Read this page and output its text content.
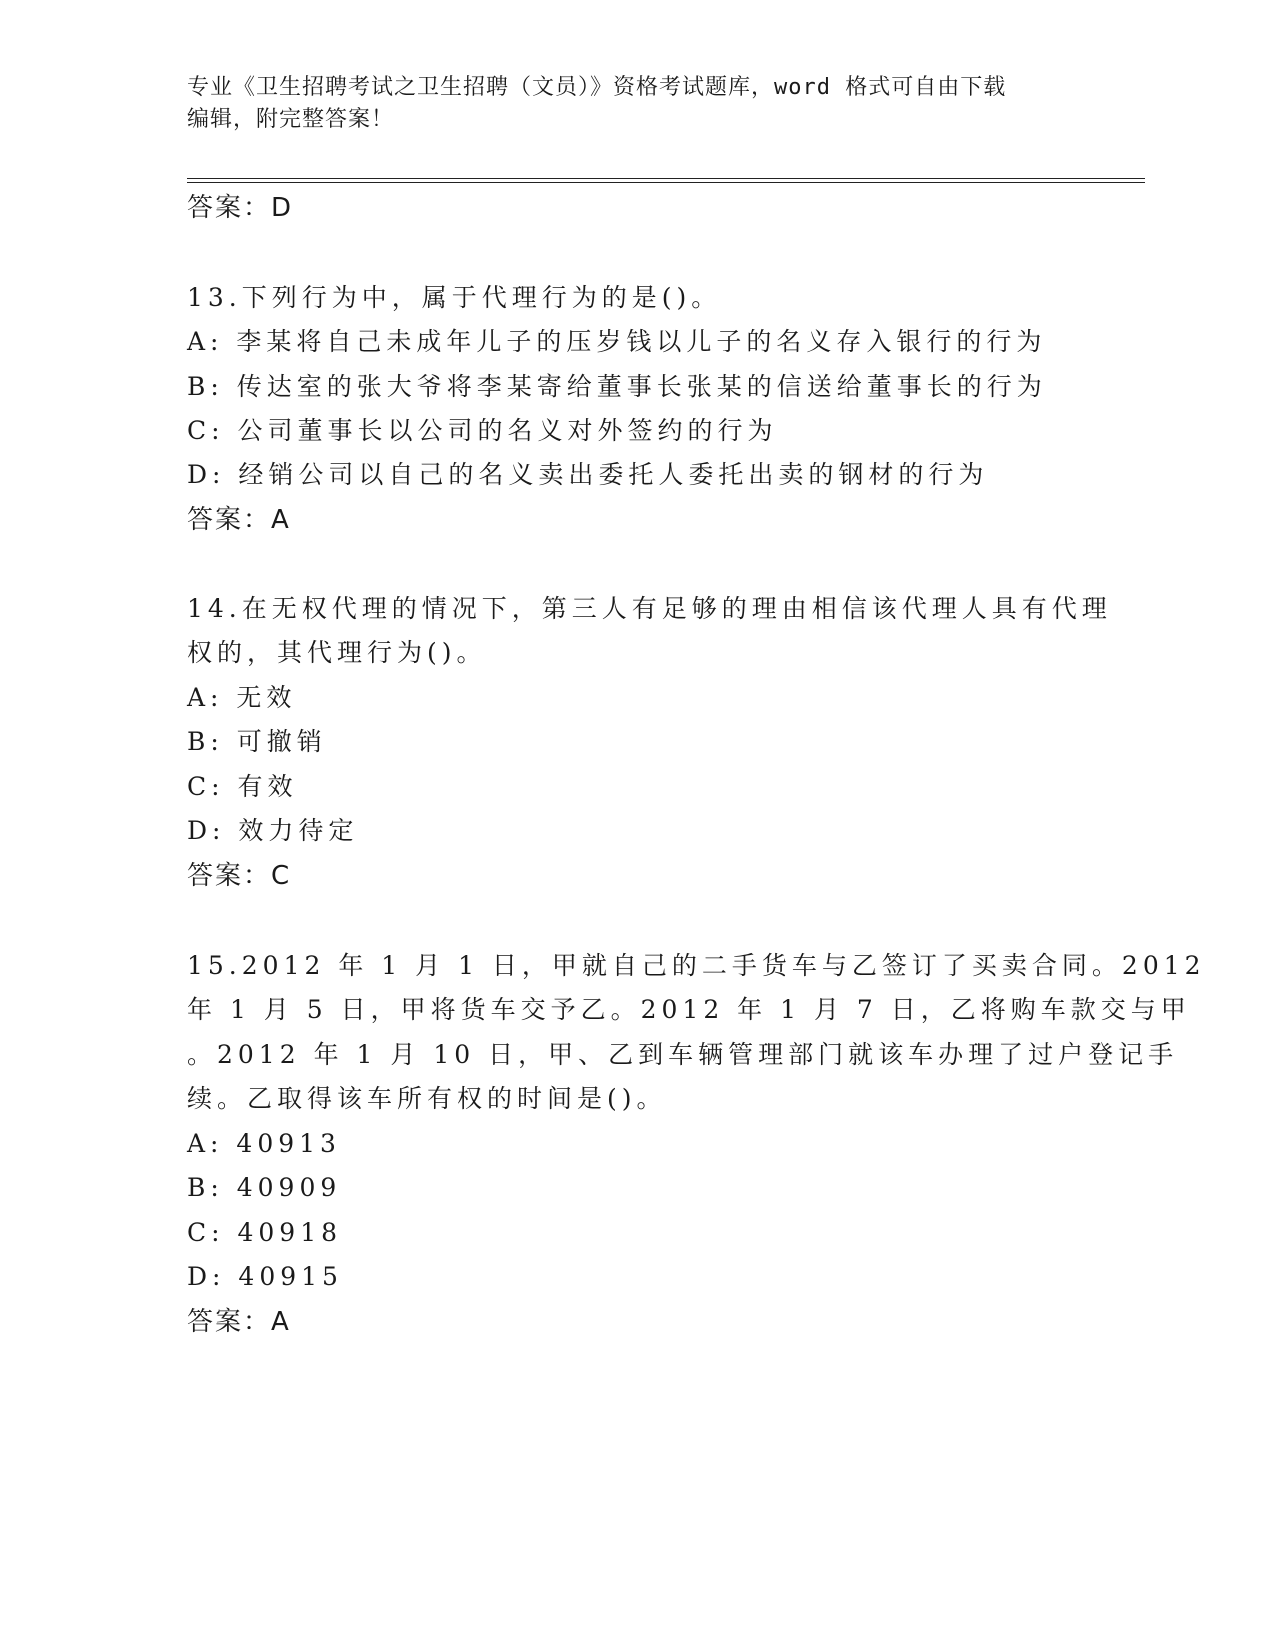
专业《卫生招聘考试之卫生招聘（文员）》资格考试题库，word 格式可自由下载
编辑，附完整答案！
答案：D
13.下列行为中，属于代理行为的是()。
A: 李某将自己未成年儿子的压岁钱以儿子的名义存入银行的行为
B: 传达室的张大爷将李某寄给董事长张某的信送给董事长的行为
C: 公司董事长以公司的名义对外签约的行为
D: 经销公司以自己的名义卖出委托人委托出卖的钢材的行为
答案：A
14.在无权代理的情况下，第三人有足够的理由相信该代理人具有代理
权的，其代理行为()。
A: 无效
B: 可撤销
C: 有效
D: 效力待定
答案：C
15.2012 年 1 月 1 日，甲就自己的二手货车与乙签订了买卖合同。2012
年 1 月 5 日，甲将货车交予乙。2012 年 1 月 7 日，乙将购车款交与甲
。2012 年 1 月 10 日，甲、乙到车辆管理部门就该车办理了过户登记手
续。乙取得该车所有权的时间是()。
A: 40913
B: 40909
C: 40918
D: 40915
答案：A
